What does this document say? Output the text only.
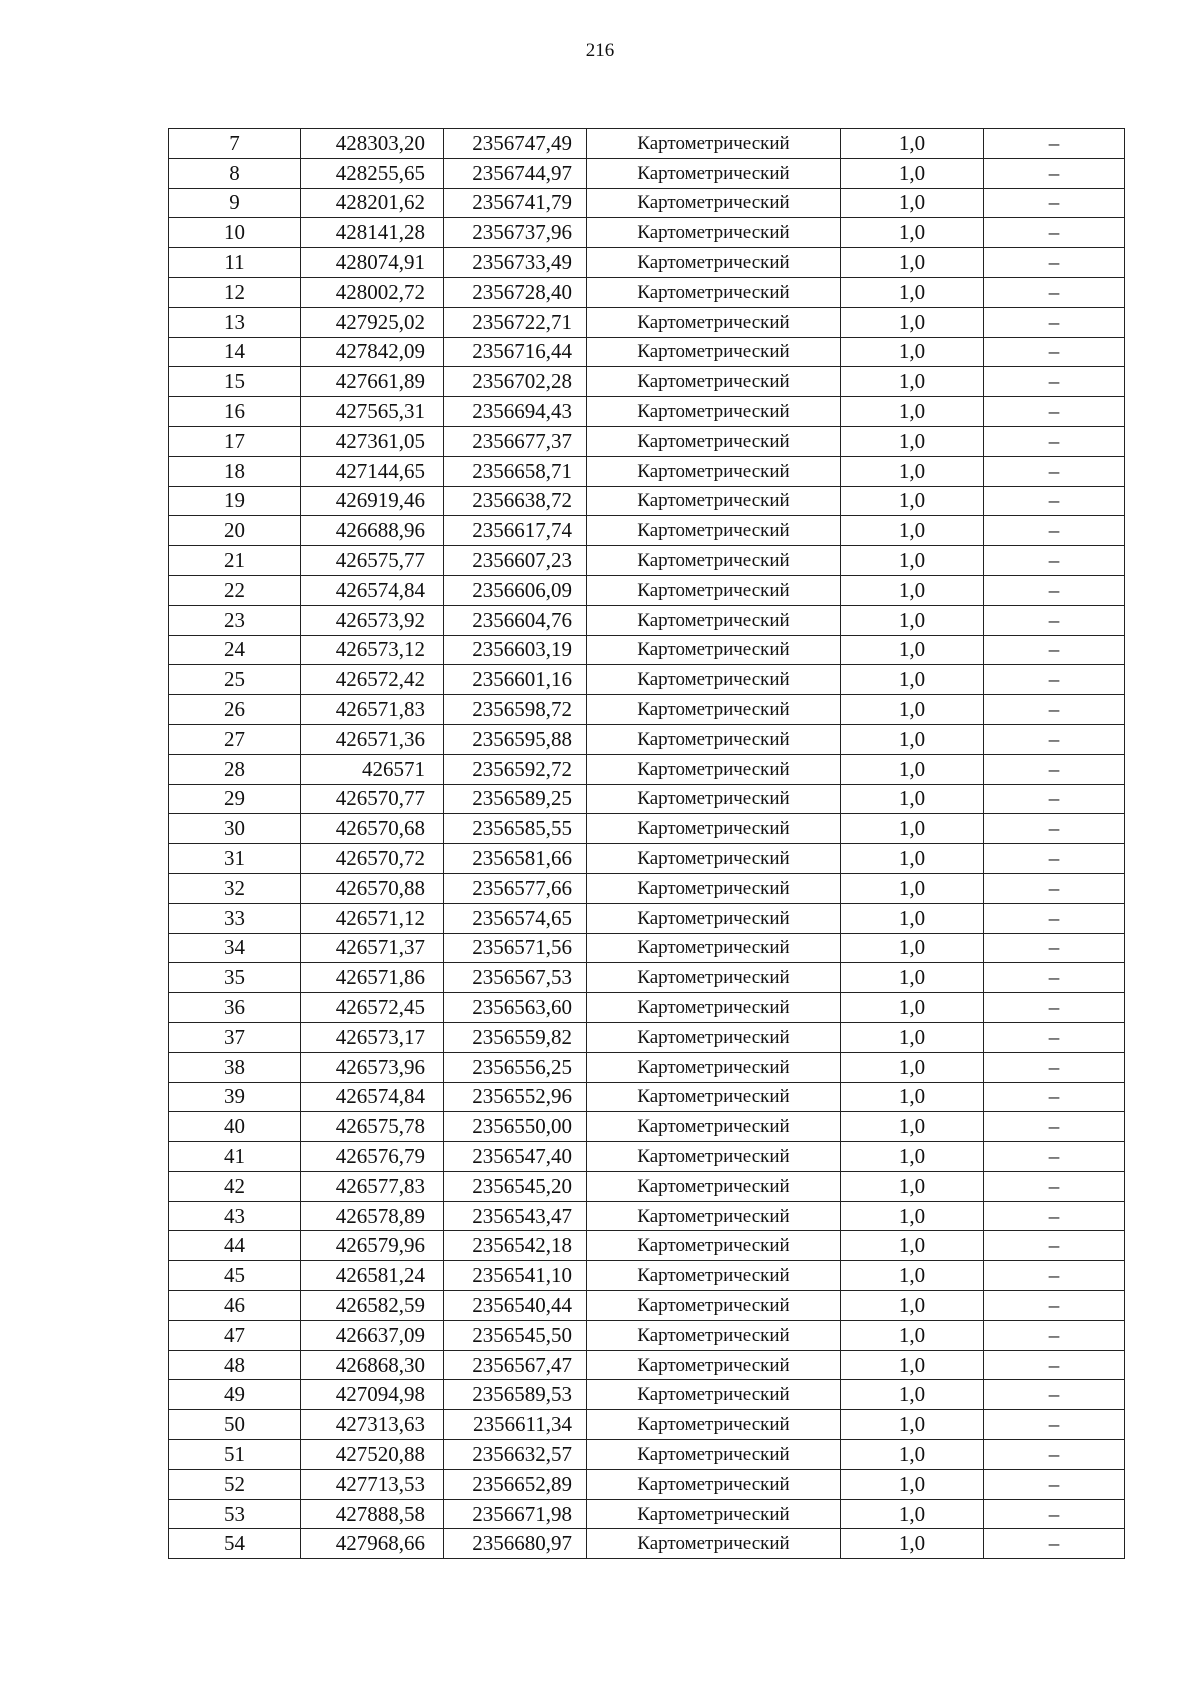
216
7	428303,20	2356747,49	Картометрический	1,0	–
8	428255,65	2356744,97	Картометрический	1,0	–
9	428201,62	2356741,79	Картометрический	1,0	–
10	428141,28	2356737,96	Картометрический	1,0	–
11	428074,91	2356733,49	Картометрический	1,0	–
12	428002,72	2356728,40	Картометрический	1,0	–
13	427925,02	2356722,71	Картометрический	1,0	–
14	427842,09	2356716,44	Картометрический	1,0	–
15	427661,89	2356702,28	Картометрический	1,0	–
16	427565,31	2356694,43	Картометрический	1,0	–
17	427361,05	2356677,37	Картометрический	1,0	–
18	427144,65	2356658,71	Картометрический	1,0	–
19	426919,46	2356638,72	Картометрический	1,0	–
20	426688,96	2356617,74	Картометрический	1,0	–
21	426575,77	2356607,23	Картометрический	1,0	–
22	426574,84	2356606,09	Картометрический	1,0	–
23	426573,92	2356604,76	Картометрический	1,0	–
24	426573,12	2356603,19	Картометрический	1,0	–
25	426572,42	2356601,16	Картометрический	1,0	–
26	426571,83	2356598,72	Картометрический	1,0	–
27	426571,36	2356595,88	Картометрический	1,0	–
28	426571	2356592,72	Картометрический	1,0	–
29	426570,77	2356589,25	Картометрический	1,0	–
30	426570,68	2356585,55	Картометрический	1,0	–
31	426570,72	2356581,66	Картометрический	1,0	–
32	426570,88	2356577,66	Картометрический	1,0	–
33	426571,12	2356574,65	Картометрический	1,0	–
34	426571,37	2356571,56	Картометрический	1,0	–
35	426571,86	2356567,53	Картометрический	1,0	–
36	426572,45	2356563,60	Картометрический	1,0	–
37	426573,17	2356559,82	Картометрический	1,0	–
38	426573,96	2356556,25	Картометрический	1,0	–
39	426574,84	2356552,96	Картометрический	1,0	–
40	426575,78	2356550,00	Картометрический	1,0	–
41	426576,79	2356547,40	Картометрический	1,0	–
42	426577,83	2356545,20	Картометрический	1,0	–
43	426578,89	2356543,47	Картометрический	1,0	–
44	426579,96	2356542,18	Картометрический	1,0	–
45	426581,24	2356541,10	Картометрический	1,0	–
46	426582,59	2356540,44	Картометрический	1,0	–
47	426637,09	2356545,50	Картометрический	1,0	–
48	426868,30	2356567,47	Картометрический	1,0	–
49	427094,98	2356589,53	Картометрический	1,0	–
50	427313,63	2356611,34	Картометрический	1,0	–
51	427520,88	2356632,57	Картометрический	1,0	–
52	427713,53	2356652,89	Картометрический	1,0	–
53	427888,58	2356671,98	Картометрический	1,0	–
54	427968,66	2356680,97	Картометрический	1,0	–
